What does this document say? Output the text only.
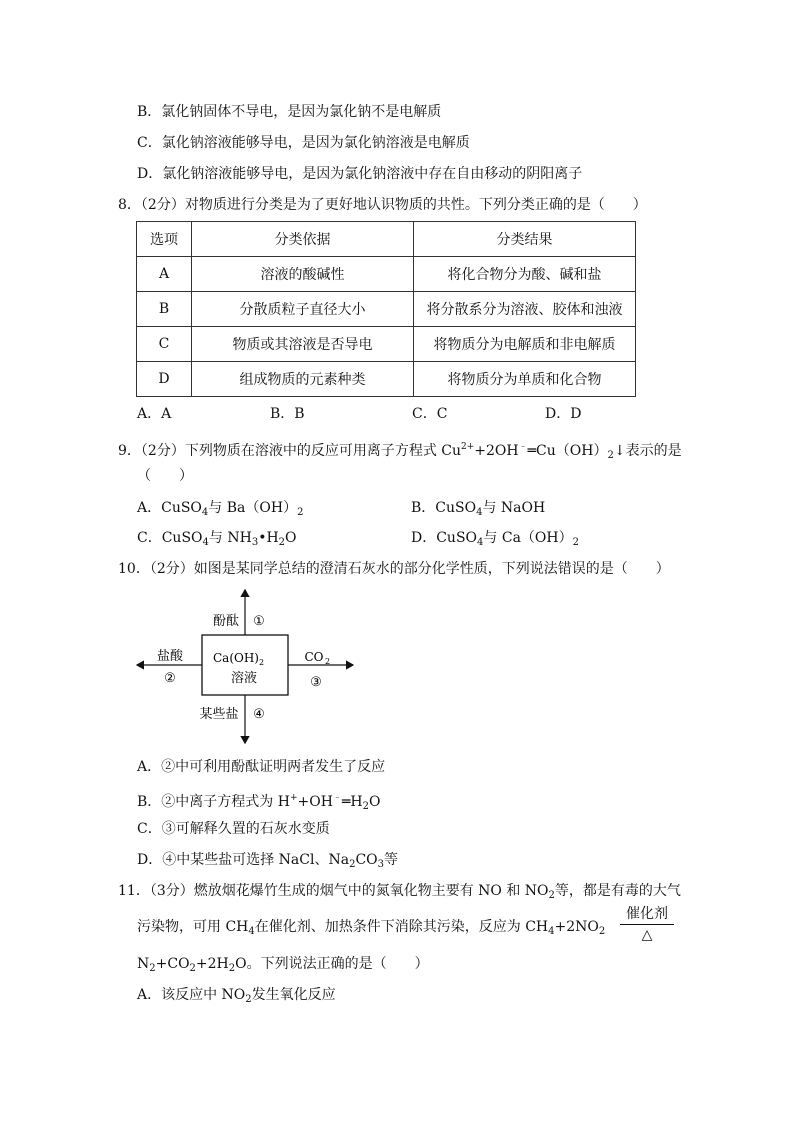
B．氯化钠固体不导电，是因为氯化钠不是电解质
C．氯化钠溶液能够导电，是因为氯化钠溶液是电解质
D．氯化钠溶液能够导电，是因为氯化钠溶液中存在自由移动的阴阳离子
8．（2分）对物质进行分类是为了更好地认识物质的共性。下列分类正确的是（　　）
选项	分类依据	分类结果
A	溶液的酸碱性	将化合物分为酸、碱和盐
B	分散质粒子直径大小	将分散系分为溶液、胶体和浊液
C	物质或其溶液是否导电	将物质分为电解质和非电解质
D	组成物质的元素种类	将物质分为单质和化合物
A．A	B．B	C．C	D．D
9．（2分）下列物质在溶液中的反应可用离子方程式 $Cu^{2+}+2OH^﹣═Cu(OH)_2↓$表示的是
（　　）
A．CuSO$_4$与 $Ba(OH)_2$	B．CuSO$_4$与 NaOH
C．CuSO$_4$与 $NH_3•H_2O$	D．CuSO$_4$与 $Ca(OH)_2$
10．（2分）如图是某同学总结的澄清石灰水的部分化学性质，下列说法错误的是（　　）
Ca(OH) 2
溶液
酚酞 ①
盐酸
②
CO 2
③
某些盐 ④
A．②中可利用酚酞证明两者发生了反应
B．②中离子方程式为 $H^++OH^﹣═H_2O$
C．③可解释久置的石灰水变质
D．④中某些盐可选择 NaCl、$Na_2CO_3$等
11．（3分）燃放烟花爆竹生成的烟气中的氮氧化物主要有 NO 和 $NO_2$等，都是有毒的大气
污染物，可用 $CH_4$在催化剂、加热条件下消除其污染，反应为 $CH_4+2NO_2$
催化剂
△
$N_2+CO_2+2H_2O$。下列说法正确的是（　　）
A．该反应中 $NO_2$发生氧化反应
